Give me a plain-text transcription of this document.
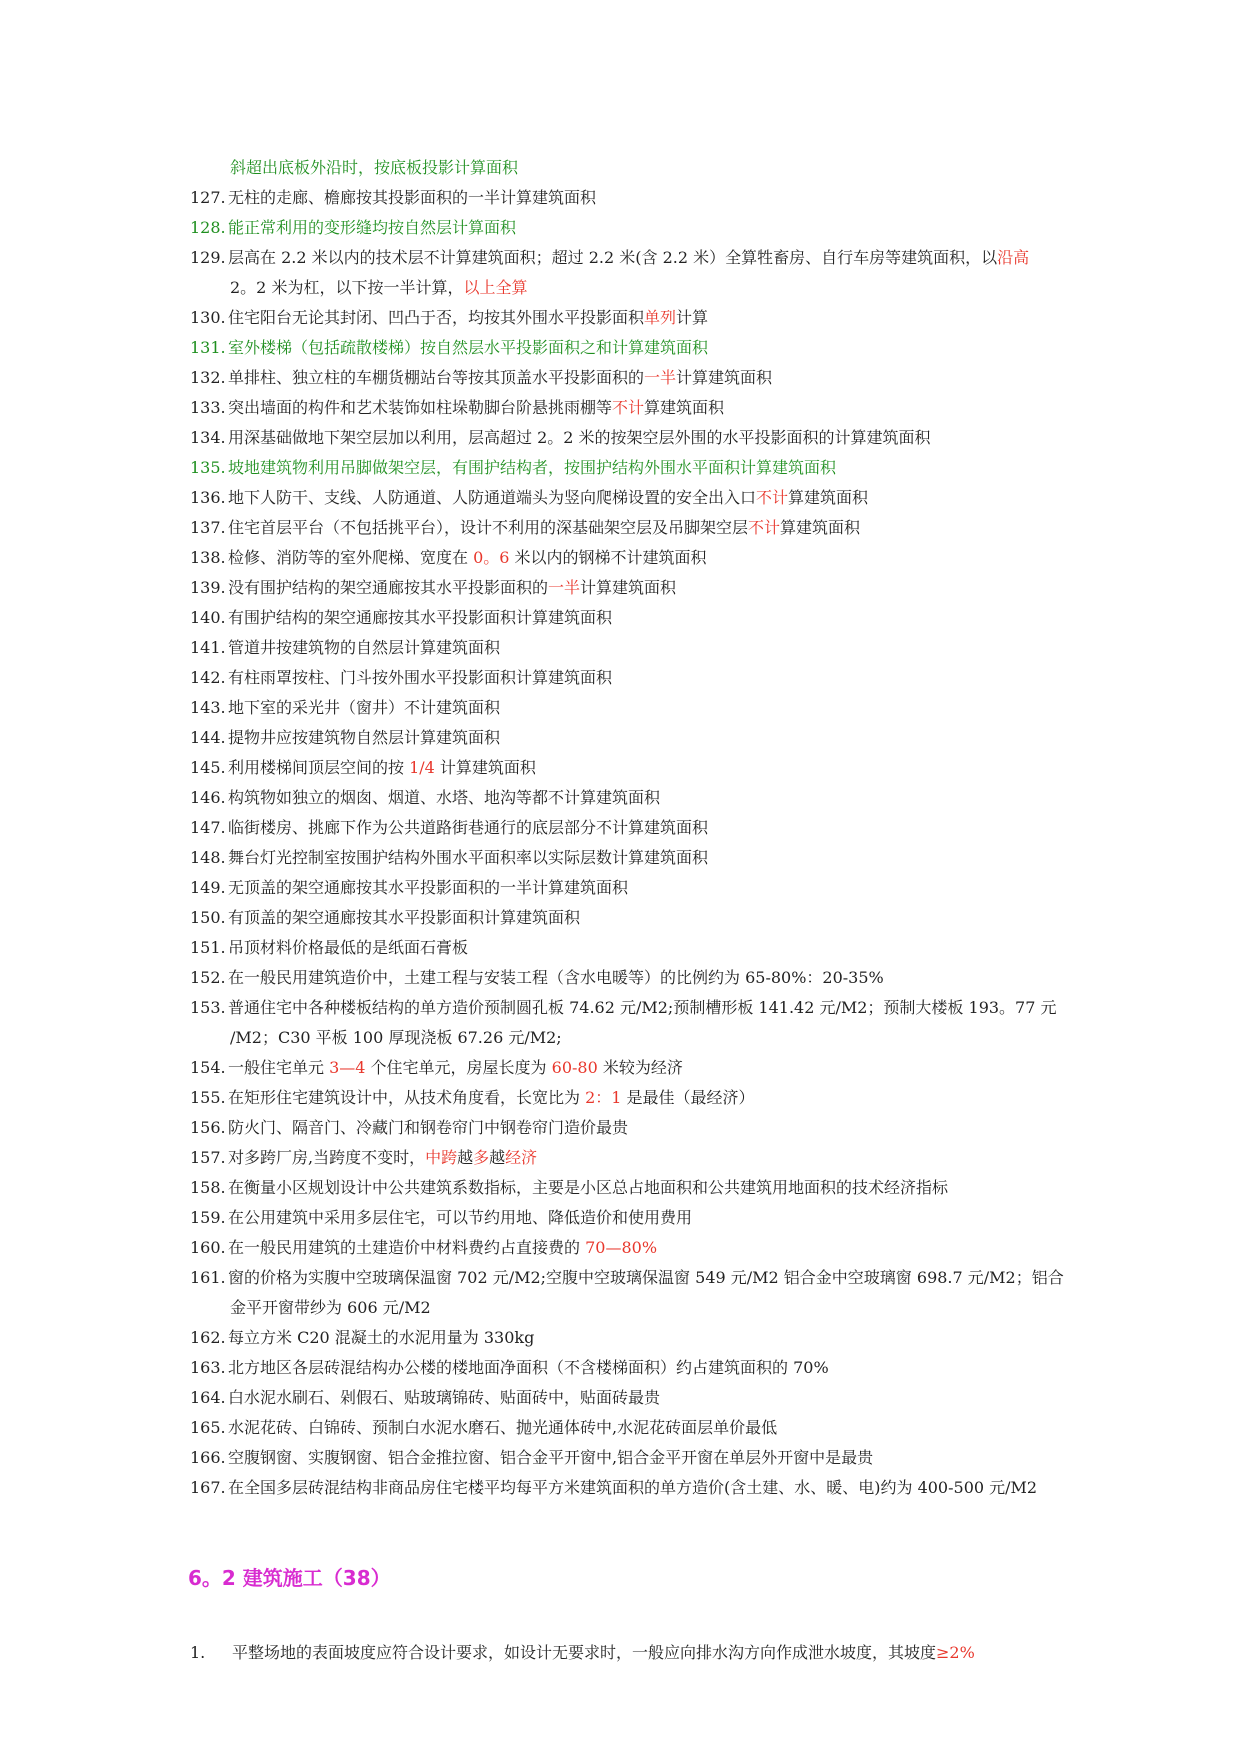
斜超出底板外沿时，按底板投影计算面积
127. 无柱的走廊、檐廊按其投影面积的一半计算建筑面积
128. 能正常利用的变形缝均按自然层计算面积
129. 层高在 2.2 米以内的技术层不计算建筑面积；超过 2.2 米(含 2.2 米）全算牲畜房、自行车房等建筑面积，以沿高
2。2 米为杠，以下按一半计算，以上全算
130. 住宅阳台无论其封闭、凹凸于否，均按其外围水平投影面积单列计算
131. 室外楼梯（包括疏散楼梯）按自然层水平投影面积之和计算建筑面积
132. 单排柱、独立柱的车棚货棚站台等按其顶盖水平投影面积的一半计算建筑面积
133. 突出墙面的构件和艺术装饰如柱垛勒脚台阶悬挑雨棚等不计算建筑面积
134. 用深基础做地下架空层加以利用，层高超过 2。2 米的按架空层外围的水平投影面积的计算建筑面积
135. 坡地建筑物利用吊脚做架空层，有围护结构者，按围护结构外围水平面积计算建筑面积
136. 地下人防干、支线、人防通道、人防通道端头为竖向爬梯设置的安全出入口不计算建筑面积
137. 住宅首层平台（不包括挑平台），设计不利用的深基础架空层及吊脚架空层不计算建筑面积
138. 检修、消防等的室外爬梯、宽度在 0。6 米以内的钢梯不计建筑面积
139. 没有围护结构的架空通廊按其水平投影面积的一半计算建筑面积
140. 有围护结构的架空通廊按其水平投影面积计算建筑面积
141. 管道井按建筑物的自然层计算建筑面积
142. 有柱雨罩按柱、门斗按外围水平投影面积计算建筑面积
143. 地下室的采光井（窗井）不计建筑面积
144. 提物井应按建筑物自然层计算建筑面积
145. 利用楼梯间顶层空间的按 1/4 计算建筑面积
146. 构筑物如独立的烟囱、烟道、水塔、地沟等都不计算建筑面积
147. 临街楼房、挑廊下作为公共道路街巷通行的底层部分不计算建筑面积
148. 舞台灯光控制室按围护结构外围水平面积率以实际层数计算建筑面积
149. 无顶盖的架空通廊按其水平投影面积的一半计算建筑面积
150. 有顶盖的架空通廊按其水平投影面积计算建筑面积
151. 吊顶材料价格最低的是纸面石膏板
152. 在一般民用建筑造价中，土建工程与安装工程（含水电暖等）的比例约为 65-80%：20-35%
153. 普通住宅中各种楼板结构的单方造价预制圆孔板 74.62 元/M2;预制槽形板 141.42 元/M2；预制大楼板 193。77 元
/M2；C30 平板 100 厚现浇板 67.26 元/M2;
154. 一般住宅单元 3—4 个住宅单元，房屋长度为 60-80 米较为经济
155. 在矩形住宅建筑设计中，从技术角度看，长宽比为 2：1 是最佳（最经济）
156. 防火门、隔音门、冷藏门和钢卷帘门中钢卷帘门造价最贵
157. 对多跨厂房,当跨度不变时，中跨越多越经济
158. 在衡量小区规划设计中公共建筑系数指标，主要是小区总占地面积和公共建筑用地面积的技术经济指标
159. 在公用建筑中采用多层住宅，可以节约用地、降低造价和使用费用
160. 在一般民用建筑的土建造价中材料费约占直接费的 70—80%
161. 窗的价格为实腹中空玻璃保温窗 702 元/M2;空腹中空玻璃保温窗 549 元/M2 铝合金中空玻璃窗 698.7 元/M2；铝合
金平开窗带纱为 606 元/M2
162. 每立方米 C20 混凝土的水泥用量为 330kg
163. 北方地区各层砖混结构办公楼的楼地面净面积（不含楼梯面积）约占建筑面积的 70%
164. 白水泥水刷石、剁假石、贴玻璃锦砖、贴面砖中，贴面砖最贵
165. 水泥花砖、白锦砖、预制白水泥水磨石、抛光通体砖中,水泥花砖面层单价最低
166. 空腹钢窗、实腹钢窗、铝合金推拉窗、铝合金平开窗中,铝合金平开窗在单层外开窗中是最贵
167. 在全国多层砖混结构非商品房住宅楼平均每平方米建筑面积的单方造价(含土建、水、暖、电)约为 400-500 元/M2
6。2 建筑施工（38）
1.	平整场地的表面坡度应符合设计要求，如设计无要求时，一般应向排水沟方向作成泄水坡度，其坡度≥2%
